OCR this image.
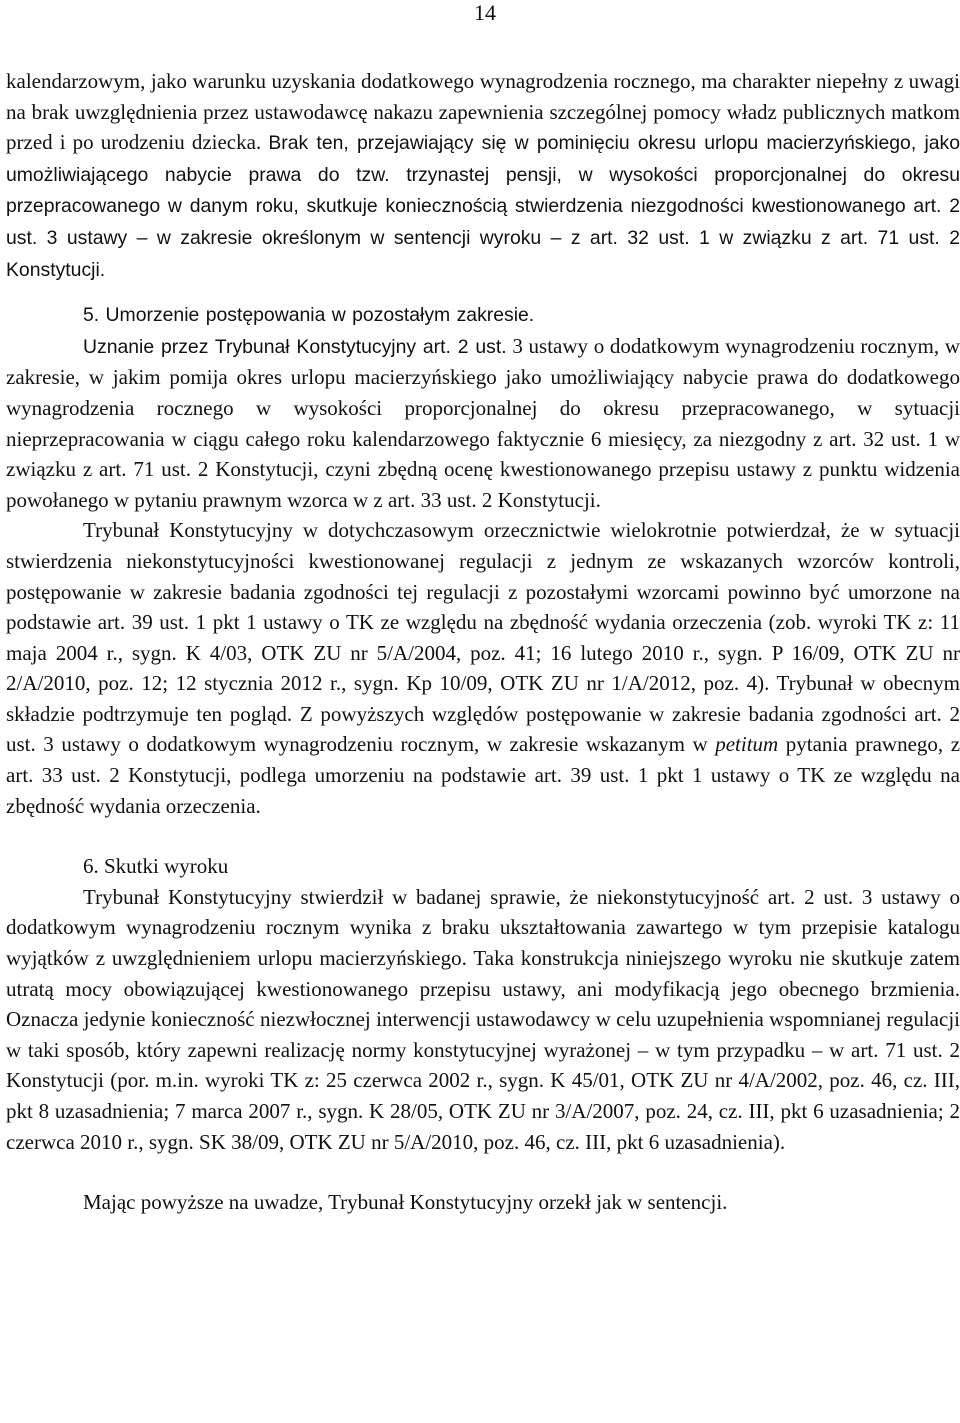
14

kalendarzowym, jako warunku uzyskania dodatkowego wynagrodzenia rocznego, ma charakter niepełny z uwagi na brak uwzględnienia przez ustawodawcę nakazu zapewnienia szczególnej pomocy władz publicznych matkom przed i po urodzeniu dziecka. Brak ten, przejawiający się w pominięciu okresu urlopu macierzyńskiego, jako umożliwiającego nabycie prawa do tzw. trzynastej pensji, w wysokości proporcjonalnej do okresu przepracowanego w danym roku, skutkuje koniecznością stwierdzenia niezgodności kwestionowanego art. 2 ust. 3 ustawy – w zakresie określonym w sentencji wyroku – z art. 32 ust. 1 w związku z art. 71 ust. 2 Konstytucji.

5. Umorzenie postępowania w pozostałym zakresie.

Uznanie przez Trybunał Konstytucyjny art. 2 ust. 3 ustawy o dodatkowym wynagrodzeniu rocznym, w zakresie, w jakim pomija okres urlopu macierzyńskiego jako umożliwiający nabycie prawa do dodatkowego wynagrodzenia rocznego w wysokości proporcjonalnej do okresu przepracowanego, w sytuacji nieprzepracowania w ciągu całego roku kalendarzowego faktycznie 6 miesięcy, za niezgodny z art. 32 ust. 1 w związku z art. 71 ust. 2 Konstytucji, czyni zbędną ocenę kwestionowanego przepisu ustawy z punktu widzenia powołanego w pytaniu prawnym wzorca w z art. 33 ust. 2 Konstytucji.

Trybunał Konstytucyjny w dotychczasowym orzecznictwie wielokrotnie potwierdzał, że w sytuacji stwierdzenia niekonstytucyjności kwestionowanej regulacji z jednym ze wskazanych wzorców kontroli, postępowanie w zakresie badania zgodności tej regulacji z pozostałymi wzorcami powinno być umorzone na podstawie art. 39 ust. 1 pkt 1 ustawy o TK ze względu na zbędność wydania orzeczenia (zob. wyroki TK z: 11 maja 2004 r., sygn. K 4/03, OTK ZU nr 5/A/2004, poz. 41; 16 lutego 2010 r., sygn. P 16/09, OTK ZU nr 2/A/2010, poz. 12; 12 stycznia 2012 r., sygn. Kp 10/09, OTK ZU nr 1/A/2012, poz. 4). Trybunał w obecnym składzie podtrzymuje ten pogląd. Z powyższych względów postępowanie w zakresie badania zgodności art. 2 ust. 3 ustawy o dodatkowym wynagrodzeniu rocznym, w zakresie wskazanym w petitum pytania prawnego, z art. 33 ust. 2 Konstytucji, podlega umorzeniu na podstawie art. 39 ust. 1 pkt 1 ustawy o TK ze względu na zbędność wydania orzeczenia.

6. Skutki wyroku

Trybunał Konstytucyjny stwierdził w badanej sprawie, że niekonstytucyjność art. 2 ust. 3 ustawy o dodatkowym wynagrodzeniu rocznym wynika z braku ukształtowania zawartego w tym przepisie katalogu wyjątków z uwzględnieniem urlopu macierzyńskiego. Taka konstrukcja niniejszego wyroku nie skutkuje zatem utratą mocy obowiązującej kwestionowanego przepisu ustawy, ani modyfikacją jego obecnego brzmienia. Oznacza jedynie konieczność niezwłocznej interwencji ustawodawcy w celu uzupełnienia wspomnianej regulacji w taki sposób, który zapewni realizację normy konstytucyjnej wyrażonej – w tym przypadku – w art. 71 ust. 2 Konstytucji (por. m.in. wyroki TK z: 25 czerwca 2002 r., sygn. K 45/01, OTK ZU nr 4/A/2002, poz. 46, cz. III, pkt 8 uzasadnienia; 7 marca 2007 r., sygn. K 28/05, OTK ZU nr 3/A/2007, poz. 24, cz. III, pkt 6 uzasadnienia; 2 czerwca 2010 r., sygn. SK 38/09, OTK ZU nr 5/A/2010, poz. 46, cz. III, pkt 6 uzasadnienia).

Mając powyższe na uwadze, Trybunał Konstytucyjny orzekł jak w sentencji.
